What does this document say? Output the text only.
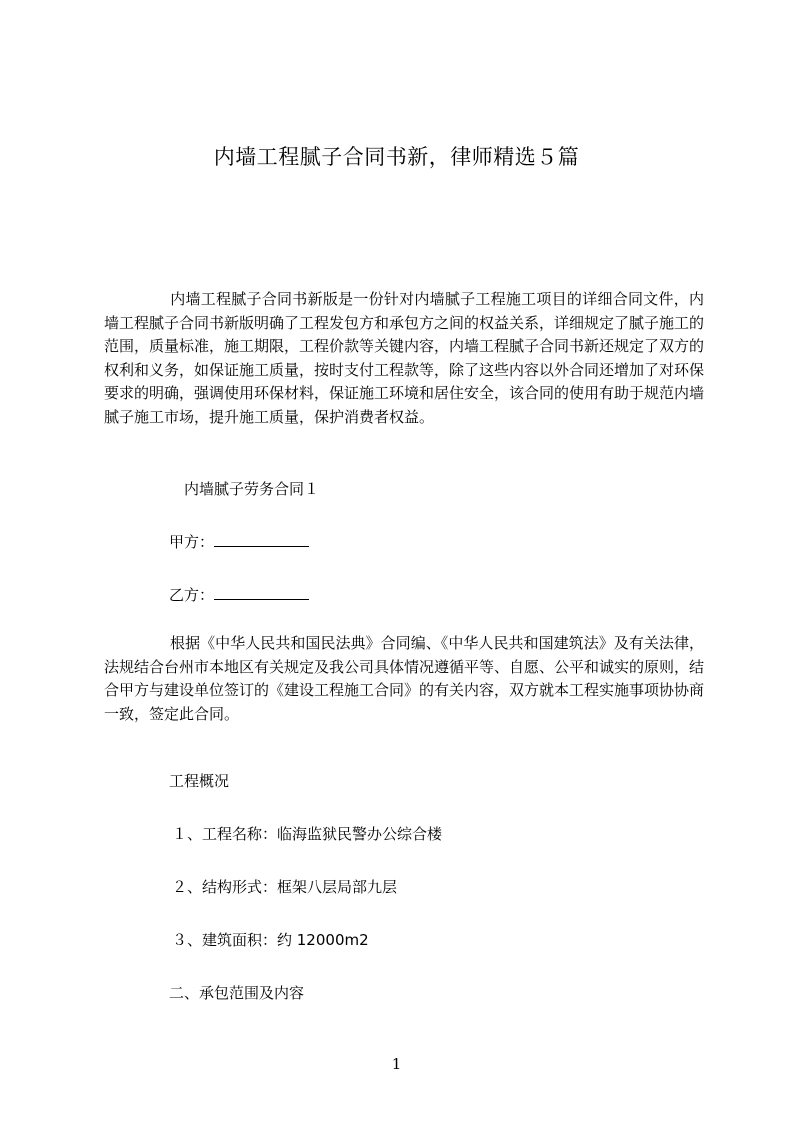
内墙工程腻子合同书新，律师精选５篇

内墙工程腻子合同书新版是一份针对内墙腻子工程施工项目的详细合同文件，内墙工程腻子合同书新版明确了工程发包方和承包方之间的权益关系，详细规定了腻子施工的范围，质量标准，施工期限，工程价款等关键内容，内墙工程腻子合同书新还规定了双方的权利和义务，如保证施工质量，按时支付工程款等，除了这些内容以外合同还增加了对环保要求的明确，强调使用环保材料，保证施工环境和居住安全，该合同的使用有助于规范内墙腻子施工市场，提升施工质量，保护消费者权益。

内墙腻子劳务合同１
甲方：
乙方：

根据《中华人民共和国民法典》合同编、《中华人民共和国建筑法》及有关法律，法规结合台州市本地区有关规定及我公司具体情况遵循平等、自愿、公平和诚实的原则，结合甲方与建设单位签订的《建设工程施工合同》的有关内容，双方就本工程实施事项协协商一致，签定此合同。

工程概况
１、工程名称：临海监狱民警办公综合楼
２、结构形式：框架八层局部九层
３、建筑面积：约 12000m2
二、承包范围及内容
1
